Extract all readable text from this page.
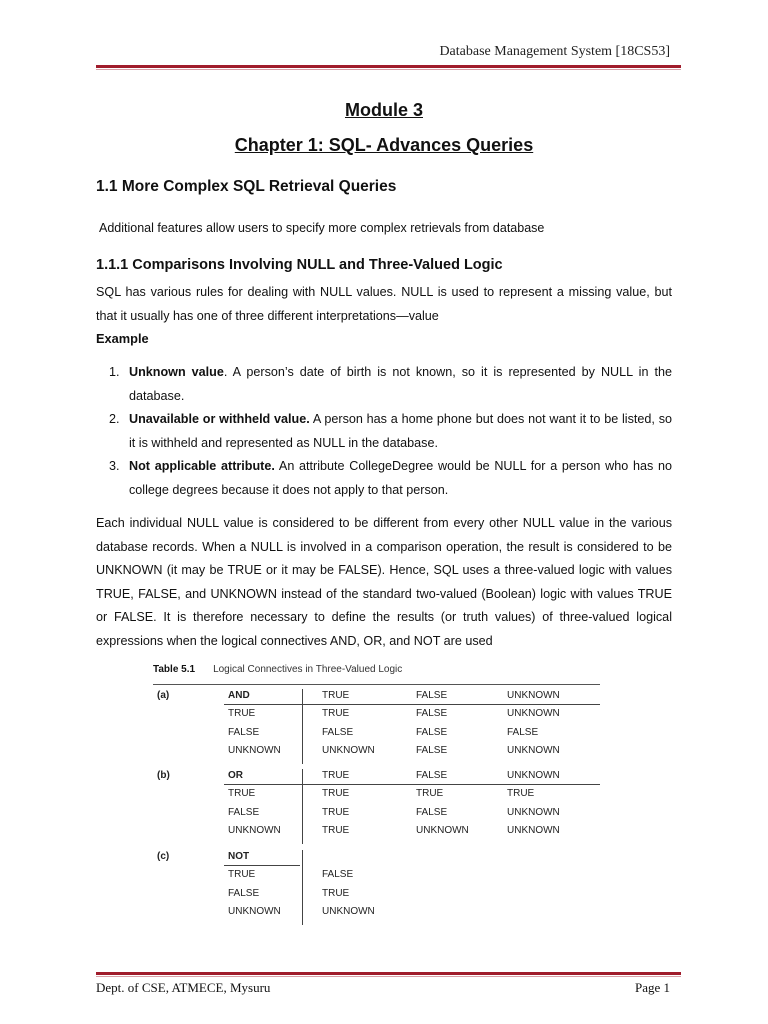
Database Management System [18CS53]
Module 3
Chapter 1: SQL- Advances Queries
1.1 More Complex SQL Retrieval Queries
Additional features allow users to specify more complex retrievals from database
1.1.1 Comparisons Involving NULL and Three-Valued Logic
SQL has various rules for dealing with NULL values. NULL is used to represent a missing value, but that it usually has one of three different interpretations—value
Example
1. Unknown value. A person’s date of birth is not known, so it is represented by NULL in the database.
2. Unavailable or withheld value. A person has a home phone but does not want it to be listed, so it is withheld and represented as NULL in the database.
3. Not applicable attribute. An attribute CollegeDegree would be NULL for a person who has no college degrees because it does not apply to that person.
Each individual NULL value is considered to be different from every other NULL value in the various database records. When a NULL is involved in a comparison operation, the result is considered to be UNKNOWN (it may be TRUE or it may be FALSE). Hence, SQL uses a three-valued logic with values TRUE, FALSE, and UNKNOWN instead of the standard two-valued (Boolean) logic with values TRUE or FALSE. It is therefore necessary to define the results (or truth values) of three-valued logical expressions when the logical connectives AND, OR, and NOT are used
Table 5.1 Logical Connectives in Three-Valued Logic
(a)	AND	TRUE	FALSE	UNKNOWN
TRUE	TRUE	FALSE	UNKNOWN
FALSE	FALSE	FALSE	FALSE
UNKNOWN	UNKNOWN	FALSE	UNKNOWN
(b)	OR	TRUE	FALSE	UNKNOWN
TRUE	TRUE	TRUE	TRUE
FALSE	TRUE	FALSE	UNKNOWN
UNKNOWN	TRUE	UNKNOWN	UNKNOWN
(c)	NOT
TRUE	FALSE
FALSE	TRUE
UNKNOWN	UNKNOWN
Dept. of CSE, ATMECE, Mysuru	Page 1
